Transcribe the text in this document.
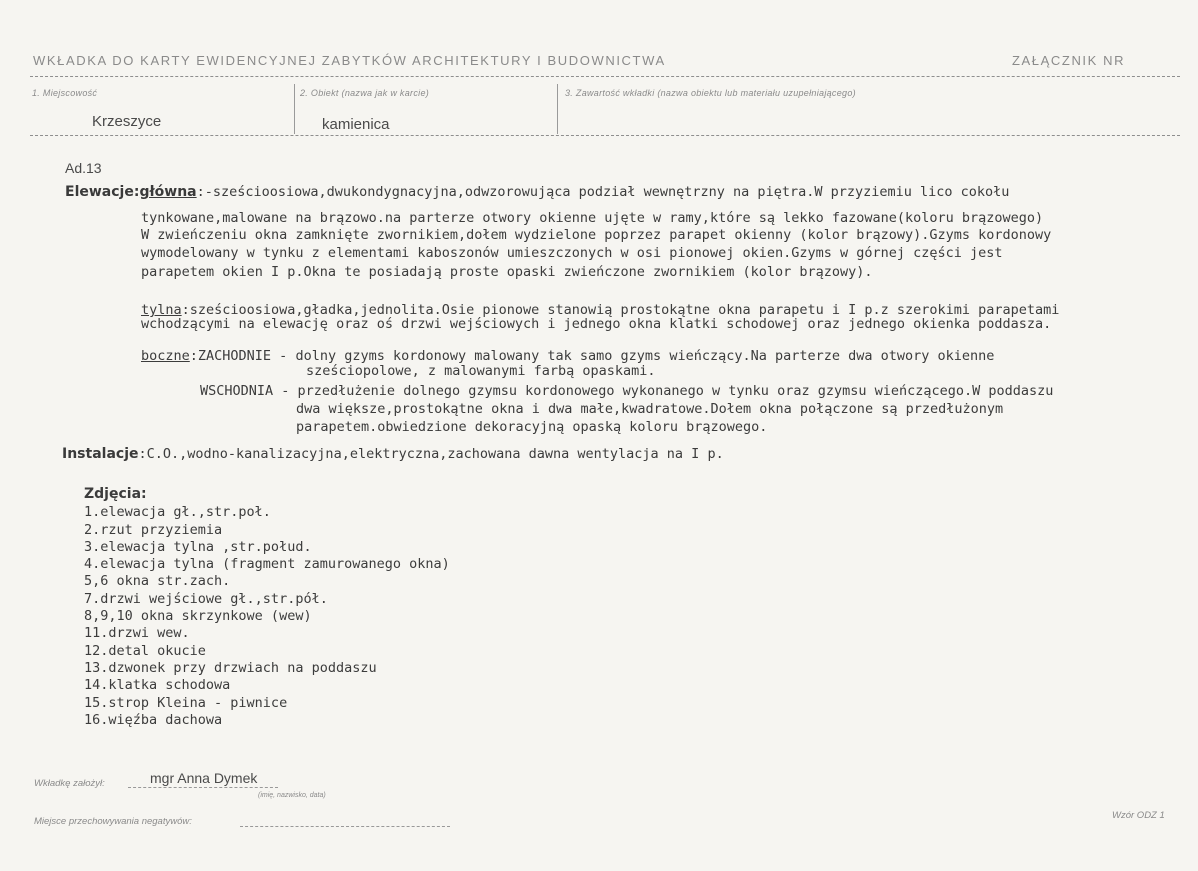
WKŁADKA DO KARTY EWIDENCYJNEJ ZABYTKÓW ARCHITEKTURY I BUDOWNICTWA	ZAŁĄCZNIK NR
1. Miejscowość
Krzeszyce
2. Obiekt (nazwa jak w karcie)
kamienica
3. Zawartość wkładki (nazwa obiektu lub materiału uzupełniającego)
Ad.13
Elewacje:główna:-sześcioosiowa,dwukondygnacyjna,odwzorowująca podział wewnętrzny na piętra.W przyziemiu lico cokołu
tynkowane,malowane na brązowo.na parterze otwory okienne ujęte w ramy,które są lekko fazowane(koloru brązowego)
W zwieńczeniu okna zamknięte zwornikiem,dołem wydzielone poprzez parapet okienny (kolor brązowy).Gzyms kordonowy
wymodelowany w tynku z elementami kaboszonów umieszczonych w osi pionowej okien.Gzyms w górnej części jest
parapetem okien I p.Okna te posiadają proste opaski zwieńczone zwornikiem (kolor brązowy).
tylna:sześcioosiowa,gładka,jednolita.Osie pionowe stanowią prostokątne okna parapetu i I p.z szerokimi parapetami
wchodzącymi na elewację oraz oś drzwi wejściowych i jednego okna klatki schodowej oraz jednego okienka poddasza.
boczne:ZACHODNIE - dolny gzyms kordonowy malowany tak samo gzyms wieńczący.Na parterze dwa otwory okienne
sześciopolowe, z malowanymi farbą opaskami.
WSCHODNIA - przedłużenie dolnego gzymsu kordonowego wykonanego w tynku oraz gzymsu wieńczącego.W poddaszu
dwa większe,prostokątne okna i dwa małe,kwadratowe.Dołem okna połączone są przedłużonym
parapetem.obwiedzione dekoracyjną opaską koloru brązowego.
Instalacje:C.O.,wodno-kanalizacyjna,elektryczna,zachowana dawna wentylacja na I p.
Zdjęcia:
1.elewacja gł.,str.poł.
2.rzut przyziemia
3.elewacja tylna ,str.połud.
4.elewacja tylna (fragment zamurowanego okna)
5,6 okna str.zach.
7.drzwi wejściowe gł.,str.pół.
8,9,10 okna skrzynkowe (wew)
11.drzwi wew.
12.detal okucie
13.dzwonek przy drzwiach na poddaszu
14.klatka schodowa
15.strop Kleina - piwnice
16.więźba dachowa
Wkładkę założył:	mgr Anna Dymek
(imię, nazwisko, data)
Miejsce przechowywania negatywów:
Wzór ODZ 1
